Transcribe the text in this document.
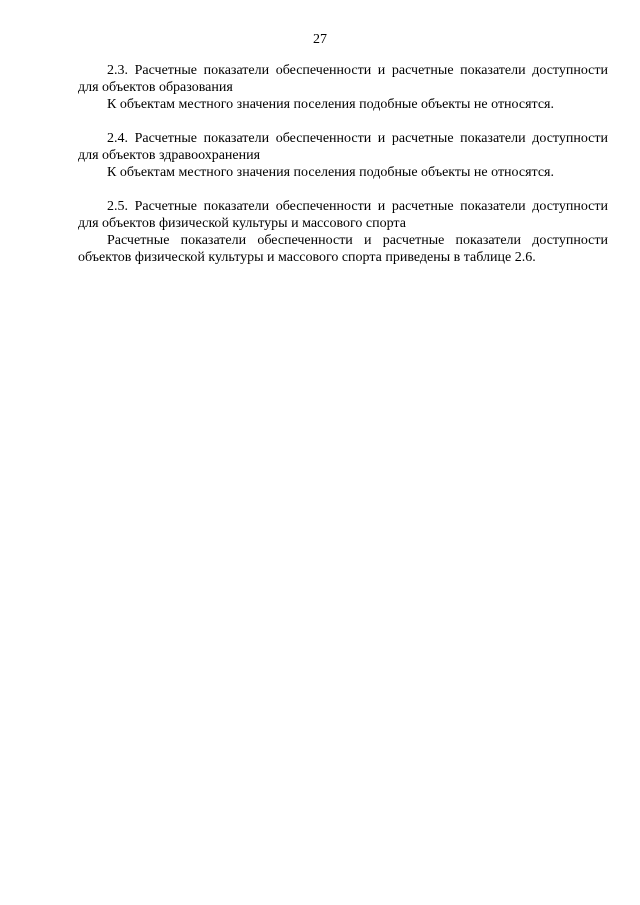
27

2.3. Расчетные показатели обеспеченности и расчетные показатели доступности для объектов образования

К объектам местного значения поселения подобные объекты не относятся.

2.4. Расчетные показатели обеспеченности и расчетные показатели доступности для объектов здравоохранения

К объектам местного значения поселения подобные объекты не относятся.

2.5. Расчетные показатели обеспеченности и расчетные показатели доступности для объектов физической культуры и массового спорта

Расчетные показатели обеспеченности и расчетные показатели доступности объектов физической культуры и массового спорта приведены в таблице 2.6.
